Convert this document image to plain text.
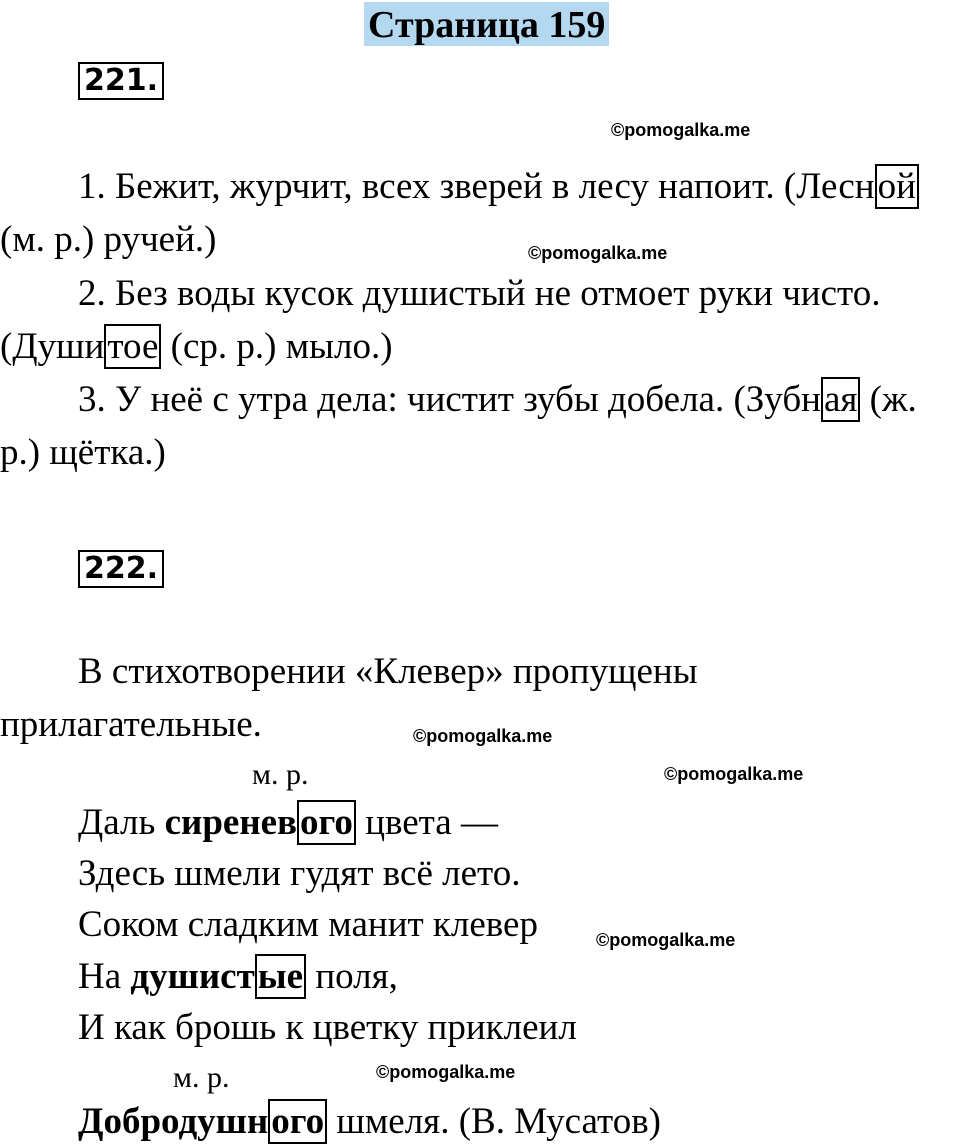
Страница 159
221.
©pomogalka.me
1. Бежит, журчит, всех зверей в лесу напоит. (Лесной
(м. р.) ручей.)	©pomogalka.me
2. Без воды кусок душистый не отмоет руки чисто.
(Душитое (ср. р.) мыло.)
3. У неё с утра дела: чистит зубы добела. (Зубная (ж.
р.) щётка.)
222.
В стихотворении «Клевер» пропущены
прилагательные.	©pomogalka.me
м. р.	©pomogalka.me
Даль сиреневого цвета —
Здесь шмели гудят всё лето.
Соком сладким манит клевер	©pomogalka.me
На душистые поля,
И как брошь к цветку приклеил
м. р.	©pomogalka.me
Добродушного шмеля. (В. Мусатов)
